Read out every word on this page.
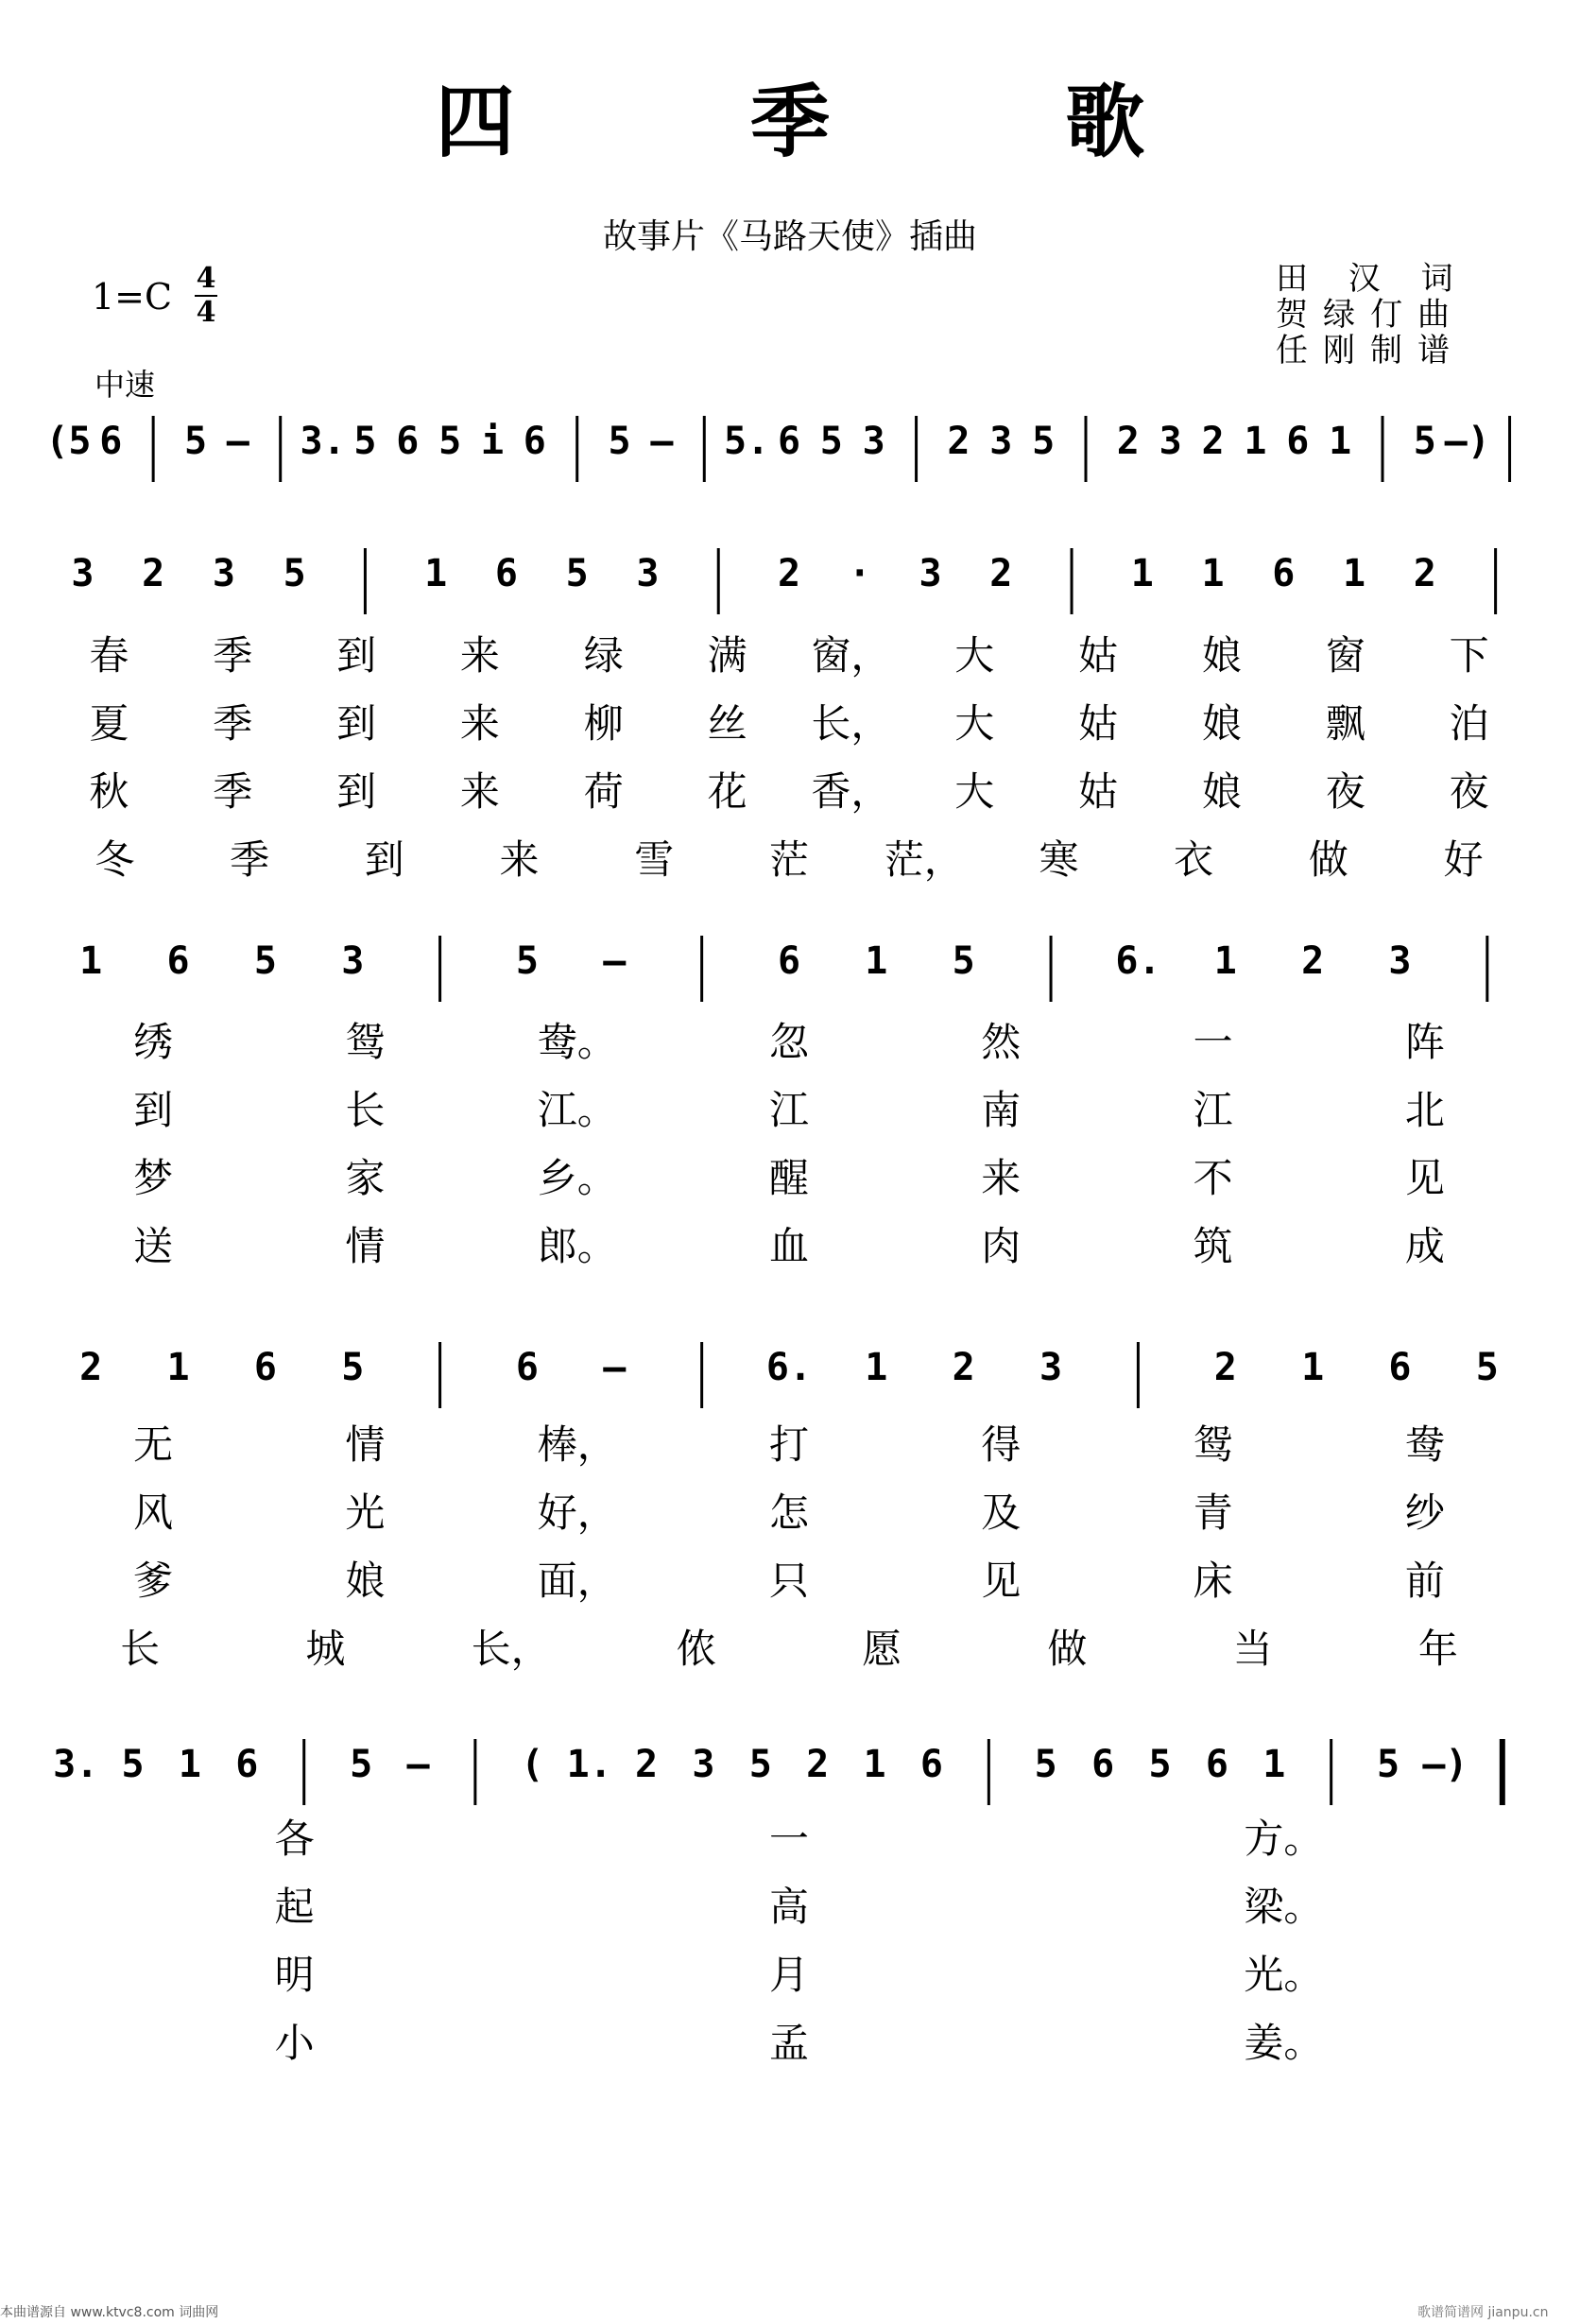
四 季 歌
故事片《马路天使》插曲
1=C 4
4
中速
田 汉 词
贺绿仃曲
任刚制谱
(5 6 5 – 3. 5 6 5 i 6 5 – 5. 6 5 3 2 3 5 2 3 2 1 6 1 5 –)
3 2 3 5	1 6 5 3	2 · 3 2	1 1 6 1 2
春 季 到 来 绿 满 窗， 大 姑 娘 窗 下
夏 季 到 来 柳 丝 长， 大 姑 娘 飘 泊
秋 季 到 来 荷 花 香， 大 姑 娘 夜 夜
冬 季 到 来 雪 茫 茫， 寒 衣 做 好
1 6 5 3	5 –	6 1 5	6. 1 2 3
绣	鸳	鸯。	忽	然	一	阵
到	长	江。	江	南	江	北
梦	家	乡。	醒	来	不	见
送	情	郎。	血	肉	筑	成
2 1 6 5	6 –	6. 1 2 3	2 1 6 5
无	情	棒，	打	得	鸳	鸯
风	光	好，	怎	及	青	纱
爹	娘	面，	只	见	床	前
长	城	长，	侬	愿	做	当	年
3. 5 1 6 5 – ( 1. 2 3 5 2 1 6 5 6 5 6 1 5 –)
各	一	方。
起	高	梁。
明	月	光。
小	孟	姜。
本曲谱源自 www.ktvc8.com 词曲网	歌谱简谱网 jianpu.cn
